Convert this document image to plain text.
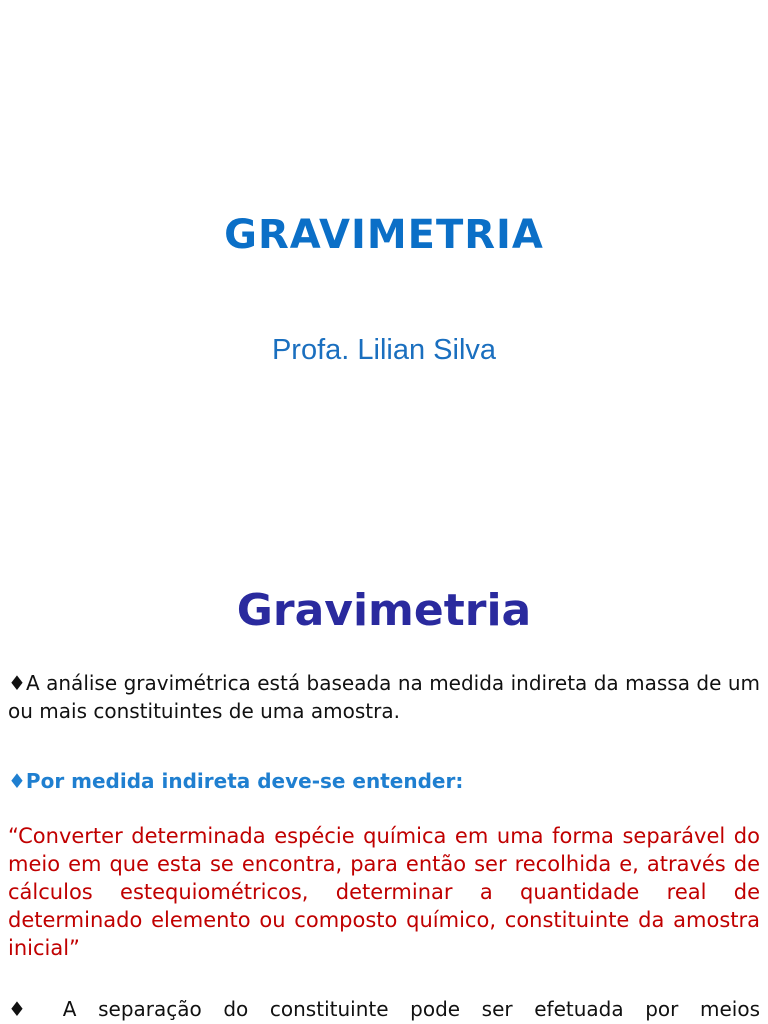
GRAVIMETRIA

Profa. Lilian Silva

Gravimetria

♦A análise gravimétrica está baseada na medida indireta da massa de um ou mais constituintes de uma amostra.

♦Por medida indireta deve-se entender:

“Converter determinada espécie química em uma forma separável do meio em que esta se encontra, para então ser recolhida e, através de cálculos estequiométricos, determinar a quantidade real de determinado elemento ou composto químico, constituinte da amostra inicial”

♦ A separação do constituinte pode ser efetuada por meios
